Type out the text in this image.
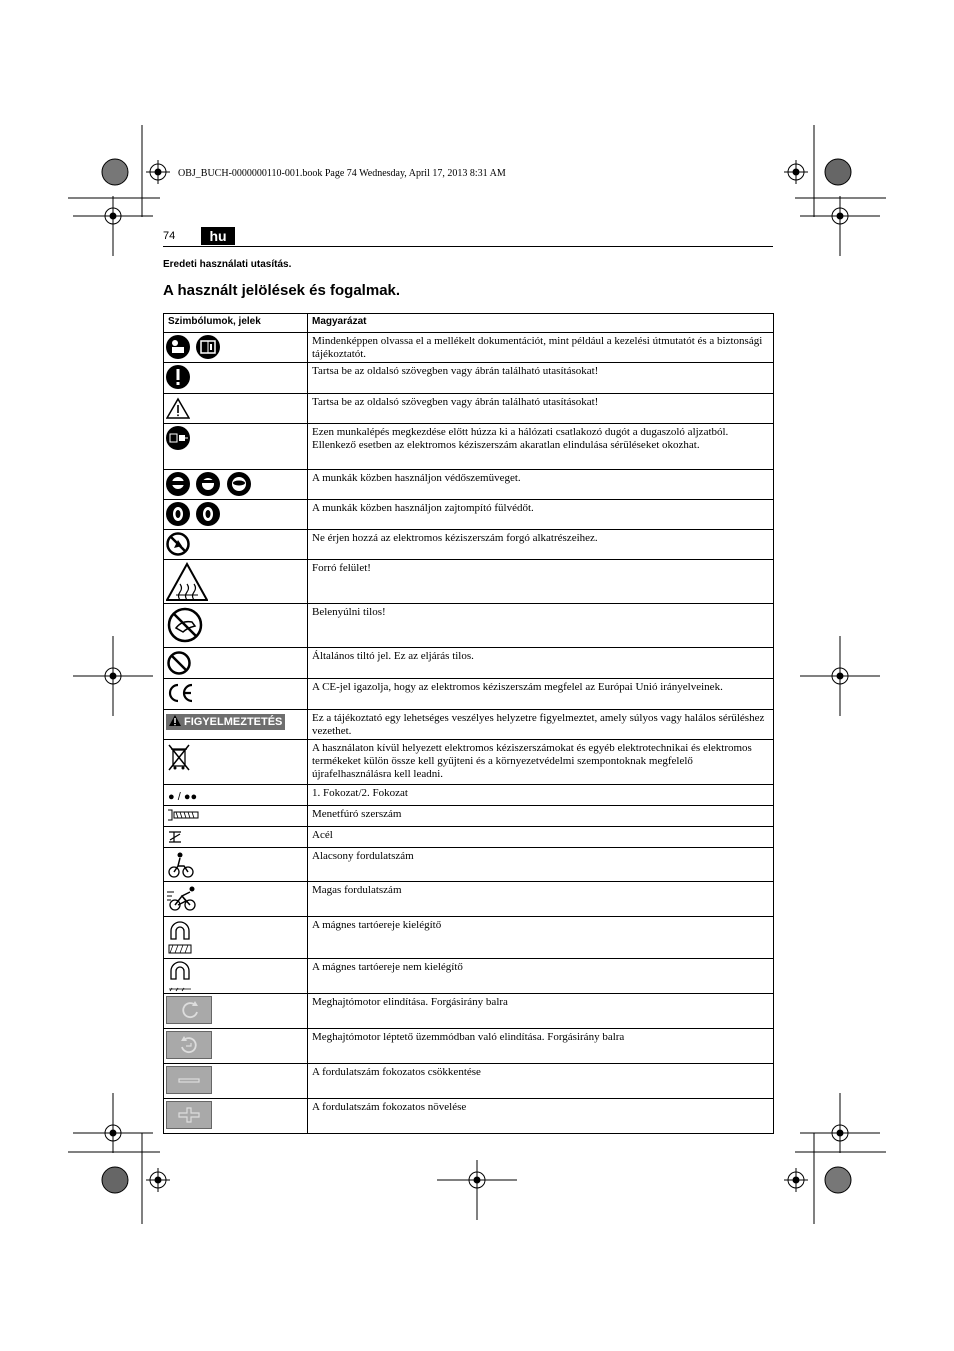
OBJ_BUCH-0000000110-001.book Page 74 Wednesday, April 17, 2013 8:31 AM
74	hu
Eredeti használati utasítás.
A használt jelölések és fogalmak.
Szimbólumok, jelek	Magyarázat

	Mindenképpen olvassa el a mellékelt dokumentációt, mint például a kezelési útmutatót és a biztonsági tájékoztatót.

	Tartsa be az oldalsó szövegben vagy ábrán található utasításokat!

	Tartsa be az oldalsó szövegben vagy ábrán található utasításokat!

	Ezen munkalépés megkezdése előtt húzza ki a hálózati csatlakozó dugót a dugaszoló aljzatból. Ellenkező esetben az elektromos kéziszerszám akaratlan elindulása sérüléseket okozhat.

	A munkák közben használjon védőszemüveget.

	A munkák közben használjon zajtompító fülvédőt.

	Ne érjen hozzá az elektromos kéziszerszám forgó alkatrészeihez.

	Forró felület!

	Belenyúlni tilos!

	Általános tiltó jel. Ez az eljárás tilos.

	A CE-jel igazolja, hogy az elektromos kéziszerszám megfelel az Európai Unió irányelveinek.

FIGYELMEZTETÉS	Ez a tájékoztató egy lehetséges veszélyes helyzetre figyelmeztet, amely súlyos vagy halálos sérüléshez vezethet.

	A használaton kívül helyezett elektromos kéziszerszámokat és egyéb elektrotechnikai és elektromos termékeket külön össze kell gyűjteni és a környezetvédelmi szempontoknak megfelelő újrafelhasználásra kell leadni.
● / ●●	1. Fokozat/2. Fokozat

	Menetfúró szerszám

	Acél

	Alacsony fordulatszám

	Magas fordulatszám

	A mágnes tartóereje kielégítő

	A mágnes tartóereje nem kielégítő
	Meghajtómotor elindítása. Forgásirány balra
	Meghajtómotor léptető üzemmódban való elindítása. Forgásirány balra
	A fordulatszám fokozatos csökkentése
	A fordulatszám fokozatos növelése
